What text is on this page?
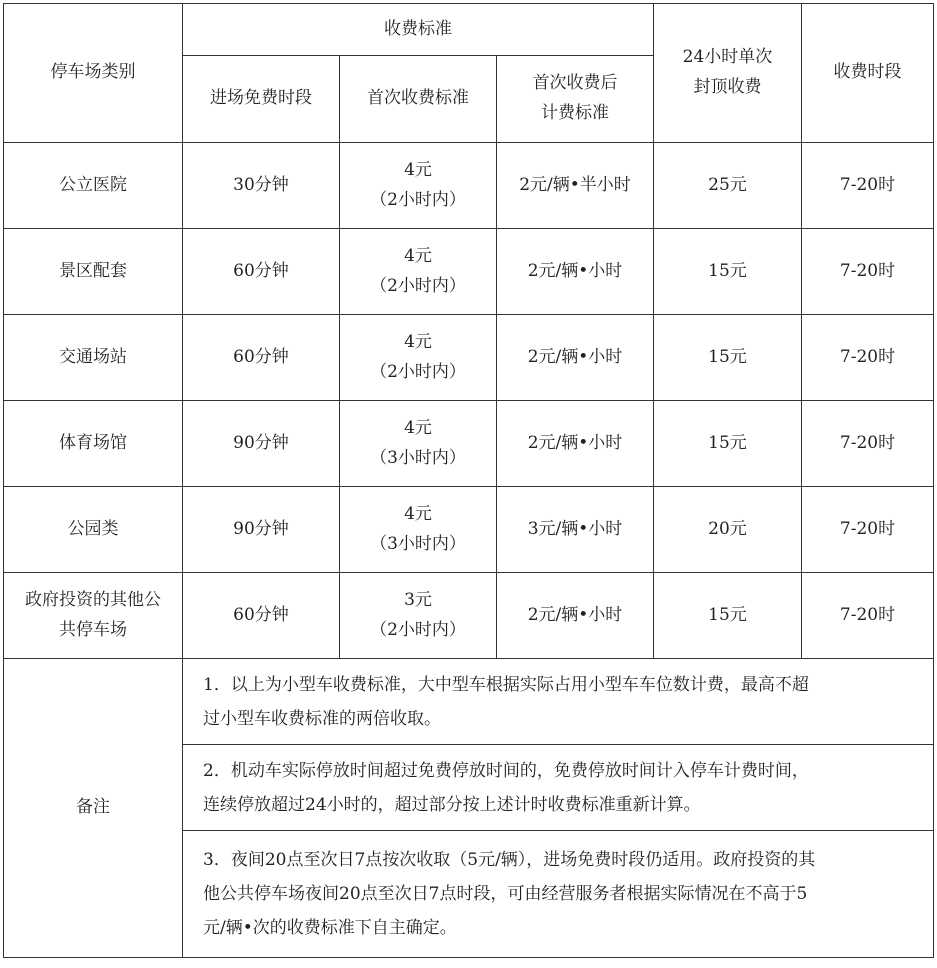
停车场类别	收费标准			24小时单次
封顶收费	收费时段
	进场免费时段	首次收费标准	首次收费后
计费标准		

公立医院	30分钟	4元
（2小时内）	2元/辆•半小时	25元	7-20时
景区配套	60分钟	4元
（2小时内）	2元/辆•小时	15元	7-20时
交通场站	60分钟	4元
（2小时内）	2元/辆•小时	15元	7-20时
体育场馆	90分钟	4元
（3小时内）	2元/辆•小时	15元	7-20时
公园类	90分钟	4元
（3小时内）	3元/辆•小时	20元	7-20时

政府投资的其他公
共停车场	60分钟	3元
（2小时内）	2元/辆•小时	15元	7-20时
备注	1．以上为小型车收费标准，大中型车根据实际占用小型车车位数计费，最高不超
过小型车收费标准的两倍收取。				

	2．机动车实际停放时间超过免费停放时间的，免费停放时间计入停车计费时间，
连续停放超过24小时的，超过部分按上述计时收费标准重新计算。				

	3．夜间20点至次日7点按次收取（5元/辆），进场免费时段仍适用。政府投资的其
他公共停车场夜间20点至次日7点时段，可由经营服务者根据实际情况在不高于5
元/辆•次的收费标准下自主确定。				
